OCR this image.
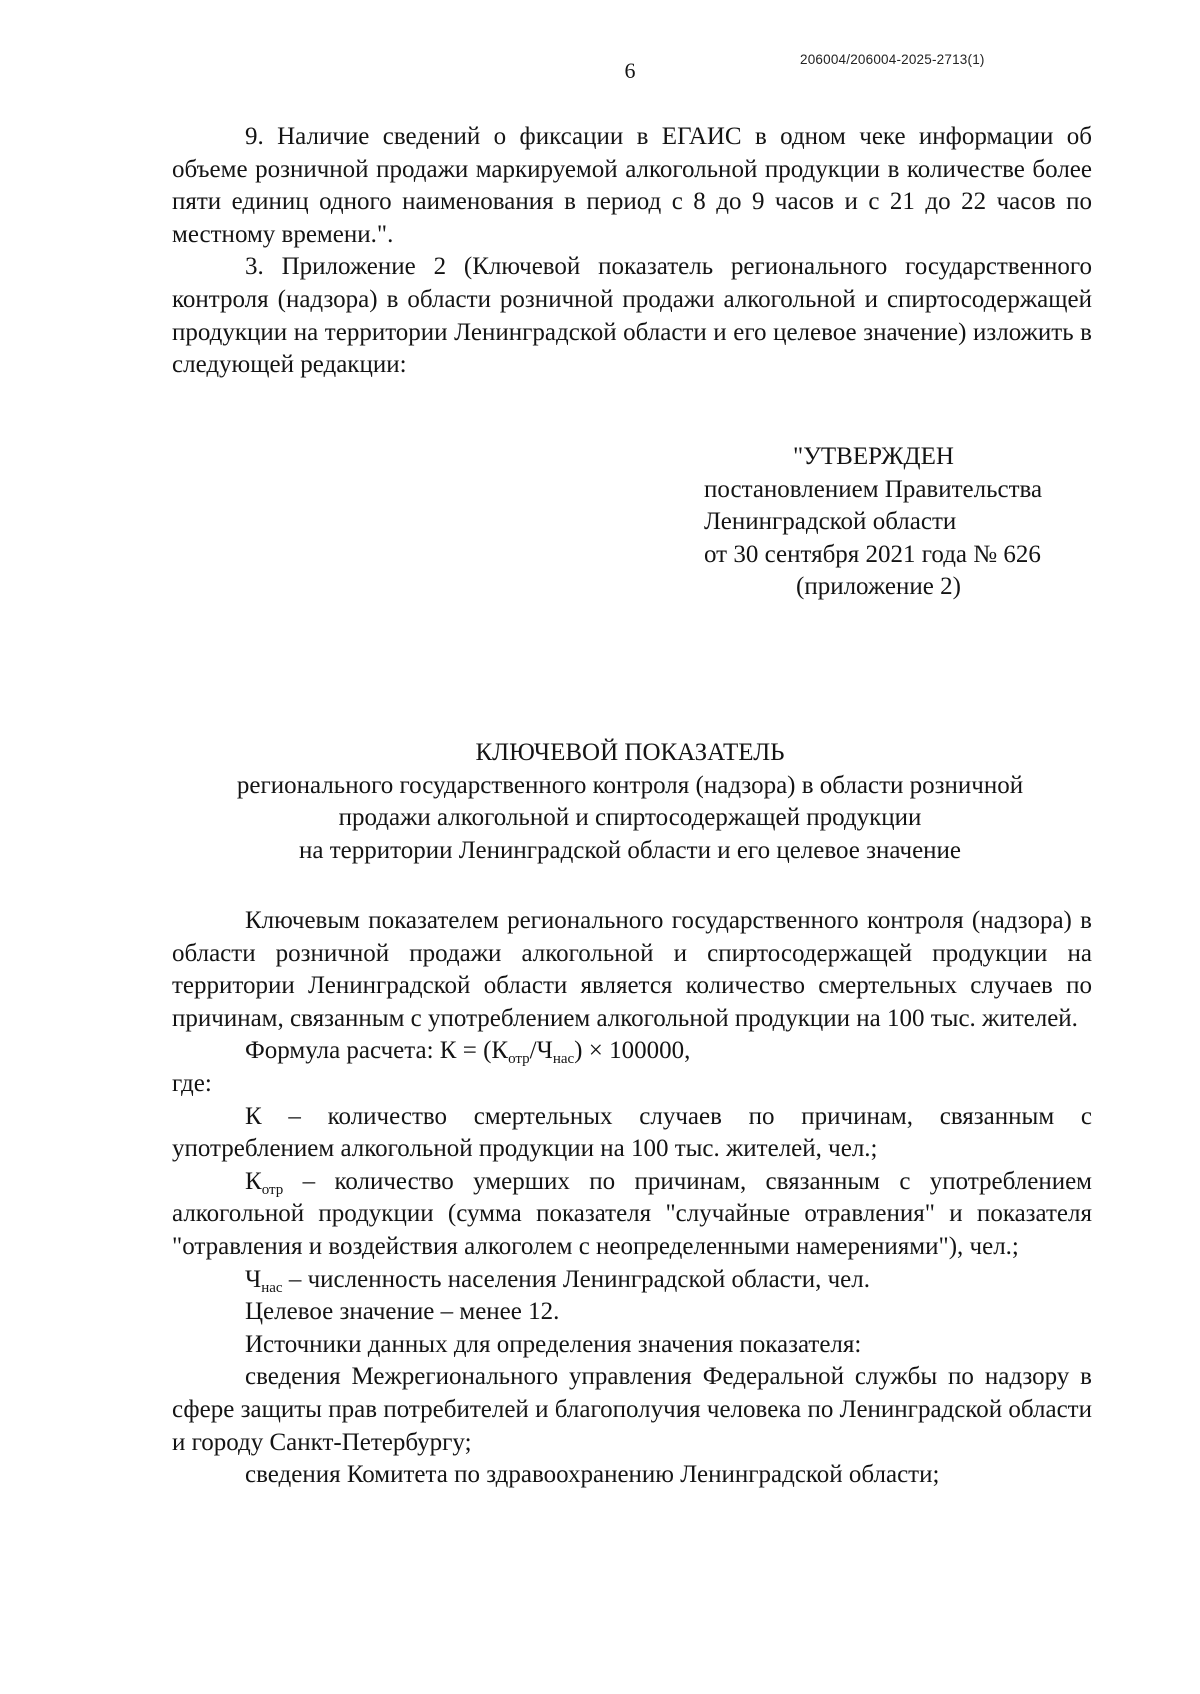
206004/206004-2025-2713(1)
6

9. Наличие сведений о фиксации в ЕГАИС в одном чеке информации об объеме розничной продажи маркируемой алкогольной продукции в количестве более пяти единиц одного наименования в период с 8 до 9 часов и с 21 до 22 часов по местному времени.".

3. Приложение 2 (Ключевой показатель регионального государственного контроля (надзора) в области розничной продажи алкогольной и спиртосодержащей продукции на территории Ленинградской области и его целевое значение) изложить в следующей редакции:

"УТВЕРЖДЕН
постановлением Правительства
Ленинградской области
от 30 сентября 2021 года № 626
(приложение 2)
КЛЮЧЕВОЙ ПОКАЗАТЕЛЬ
регионального государственного контроля (надзора) в области розничной
продажи алкогольной и спиртосодержащей продукции
на территории Ленинградской области и его целевое значение

Ключевым показателем регионального государственного контроля (надзора) в области розничной продажи алкогольной и спиртосодержащей продукции на территории Ленинградской области является количество смертельных случаев по причинам, связанным с употреблением алкогольной продукции на 100 тыс. жителей.

Формула расчета: $К = (К_{отр}/Ч_{нас}) \times 100000$,

где:

К – количество смертельных случаев по причинам, связанным с употреблением алкогольной продукции на 100 тыс. жителей, чел.;

$К_{отр}$ – количество умерших по причинам, связанным с употреблением алкогольной продукции (сумма показателя "случайные отравления" и показателя "отравления и воздействия алкоголем с неопределенными намерениями"), чел.;

$Ч_{нас}$ – численность населения Ленинградской области, чел.

Целевое значение – менее 12.

Источники данных для определения значения показателя:

сведения Межрегионального управления Федеральной службы по надзору в сфере защиты прав потребителей и благополучия человека по Ленинградской области и городу Санкт-Петербургу;

сведения Комитета по здравоохранению Ленинградской области;
